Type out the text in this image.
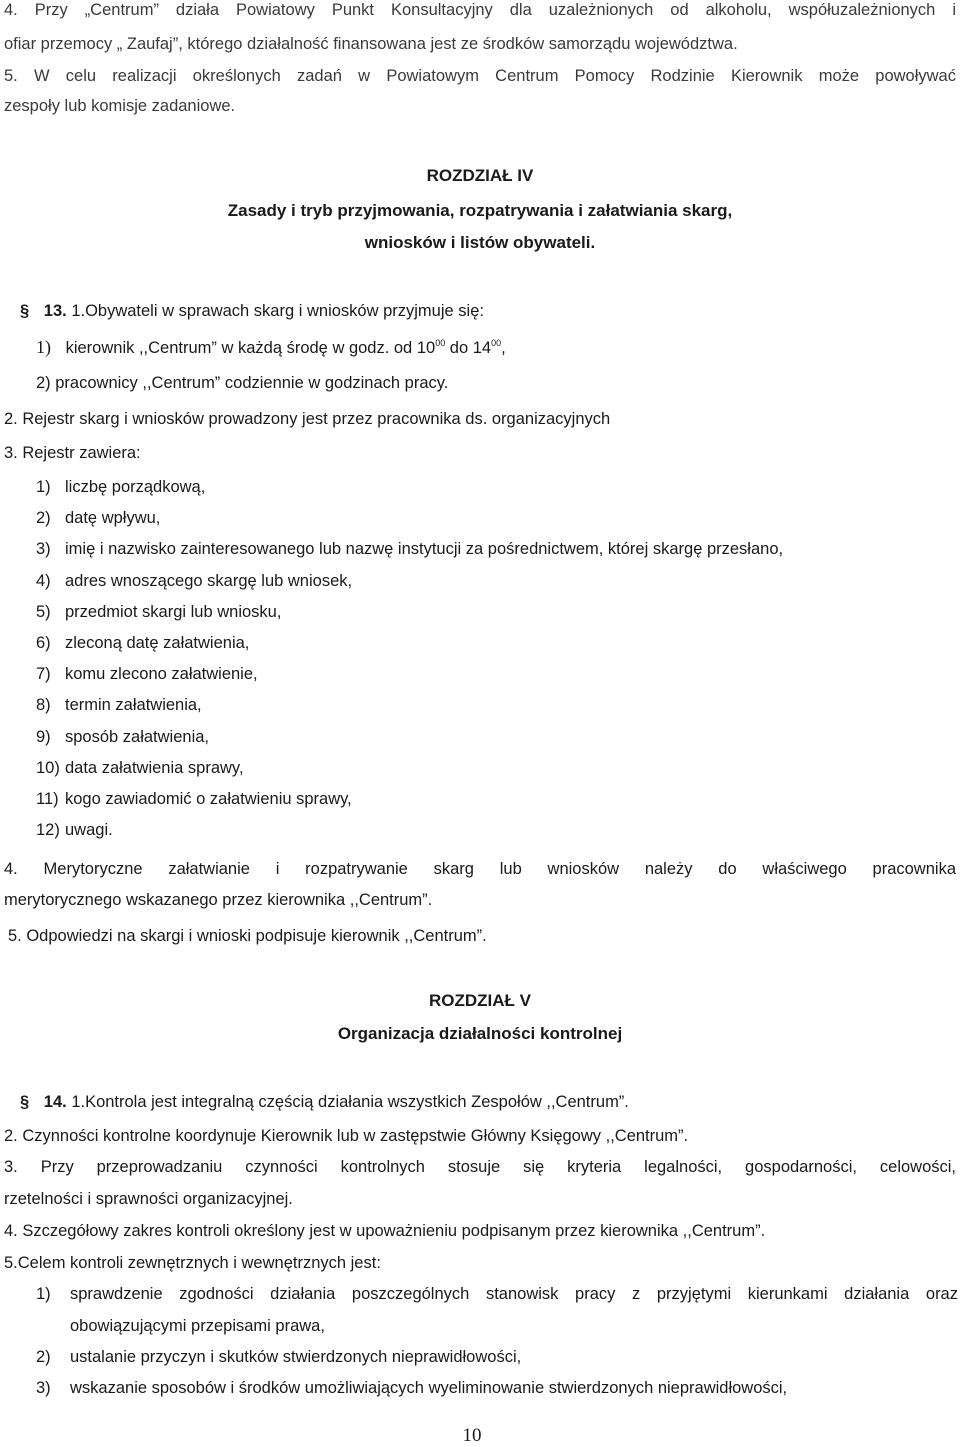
4. Przy „Centrum” działa Powiatowy Punkt Konsultacyjny dla uzależnionych od alkoholu, współuzależnionych i
ofiar przemocy „ Zaufaj”, którego działalność finansowana jest ze środków samorządu województwa.
5. W celu realizacji określonych zadań w Powiatowym Centrum Pomocy Rodzinie Kierownik może powoływać
zespoły lub komisje zadaniowe.
ROZDZIAŁ IV
Zasady i tryb przyjmowania, rozpatrywania i załatwiania skarg,
wniosków i listów obywateli.
§ 13. 1.Obywateli w sprawach skarg i wniosków przyjmuje się:
1) kierownik ,,Centrum” w każdą środę w godz. od $10^{00}$ do $14^{00}$,
2) pracownicy ,,Centrum” codziennie w godzinach pracy.
2. Rejestr skarg i wniosków prowadzony jest przez pracownika ds. organizacyjnych
3. Rejestr zawiera:
1) liczbę porządkową,
2) datę wpływu,
3) imię i nazwisko zainteresowanego lub nazwę instytucji za pośrednictwem, której skargę przesłano,
4) adres wnoszącego skargę lub wniosek,
5) przedmiot skargi lub wniosku,
6) zleconą datę załatwienia,
7) komu zlecono załatwienie,
8) termin załatwienia,
9) sposób załatwienia,
10) data załatwienia sprawy,
11) kogo zawiadomić o załatwieniu sprawy,
12) uwagi.
4. Merytoryczne załatwianie i rozpatrywanie skarg lub wniosków należy do właściwego pracownika
merytorycznego wskazanego przez kierownika ,,Centrum”.
5. Odpowiedzi na skargi i wnioski podpisuje kierownik ,,Centrum”.
ROZDZIAŁ V
Organizacja działalności kontrolnej
§ 14. 1.Kontrola jest integralną częścią działania wszystkich Zespołów ,,Centrum”.
2. Czynności kontrolne koordynuje Kierownik lub w zastępstwie Główny Księgowy ,,Centrum”.
3. Przy przeprowadzaniu czynności kontrolnych stosuje się kryteria legalności, gospodarności, celowości,
rzetelności i sprawności organizacyjnej.
4. Szczegółowy zakres kontroli określony jest w upoważnieniu podpisanym przez kierownika ,,Centrum”.
5.Celem kontroli zewnętrznych i wewnętrznych jest:
1) sprawdzenie zgodności działania poszczególnych stanowisk pracy z przyjętymi kierunkami działania oraz
obowiązującymi przepisami prawa,
2) ustalanie przyczyn i skutków stwierdzonych nieprawidłowości,
3) wskazanie sposobów i środków umożliwiających wyeliminowanie stwierdzonych nieprawidłowości,
10
